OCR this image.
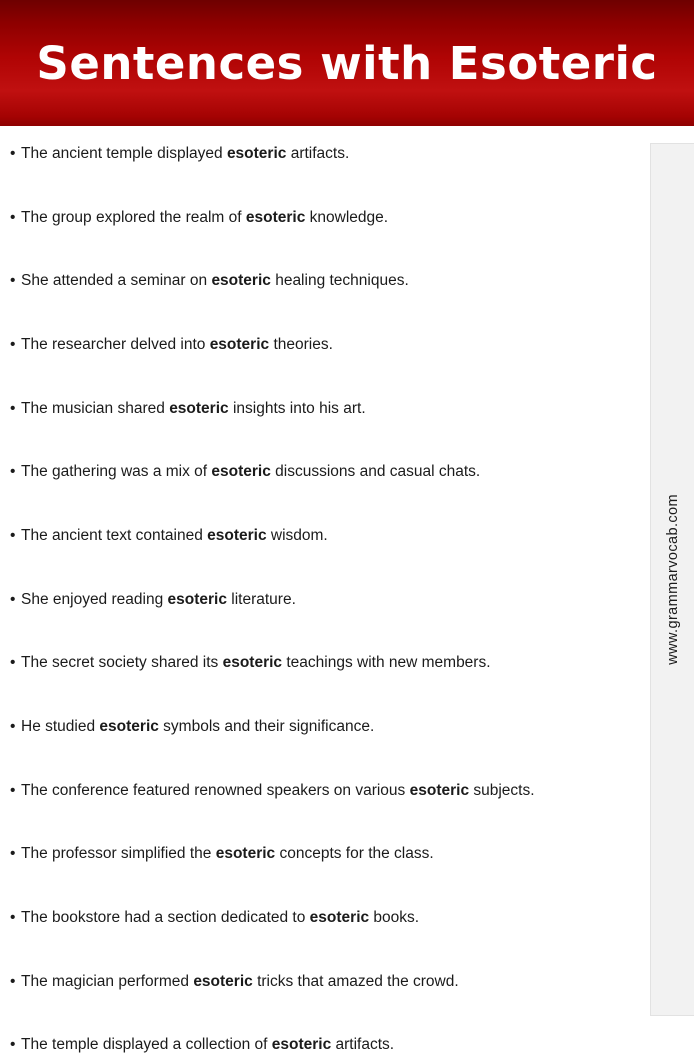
Sentences with Esoteric
• The ancient temple displayed esoteric artifacts.
• The group explored the realm of esoteric knowledge.
• She attended a seminar on esoteric healing techniques.
• The researcher delved into esoteric theories.
• The musician shared esoteric insights into his art.
• The gathering was a mix of esoteric discussions and casual chats.
• The ancient text contained esoteric wisdom.
• She enjoyed reading esoteric literature.
• The secret society shared its esoteric teachings with new members.
• He studied esoteric symbols and their significance.
• The conference featured renowned speakers on various esoteric subjects.
• The professor simplified the esoteric concepts for the class.
• The bookstore had a section dedicated to esoteric books.
• The magician performed esoteric tricks that amazed the crowd.
• The temple displayed a collection of esoteric artifacts.
www.grammarvocab.com
